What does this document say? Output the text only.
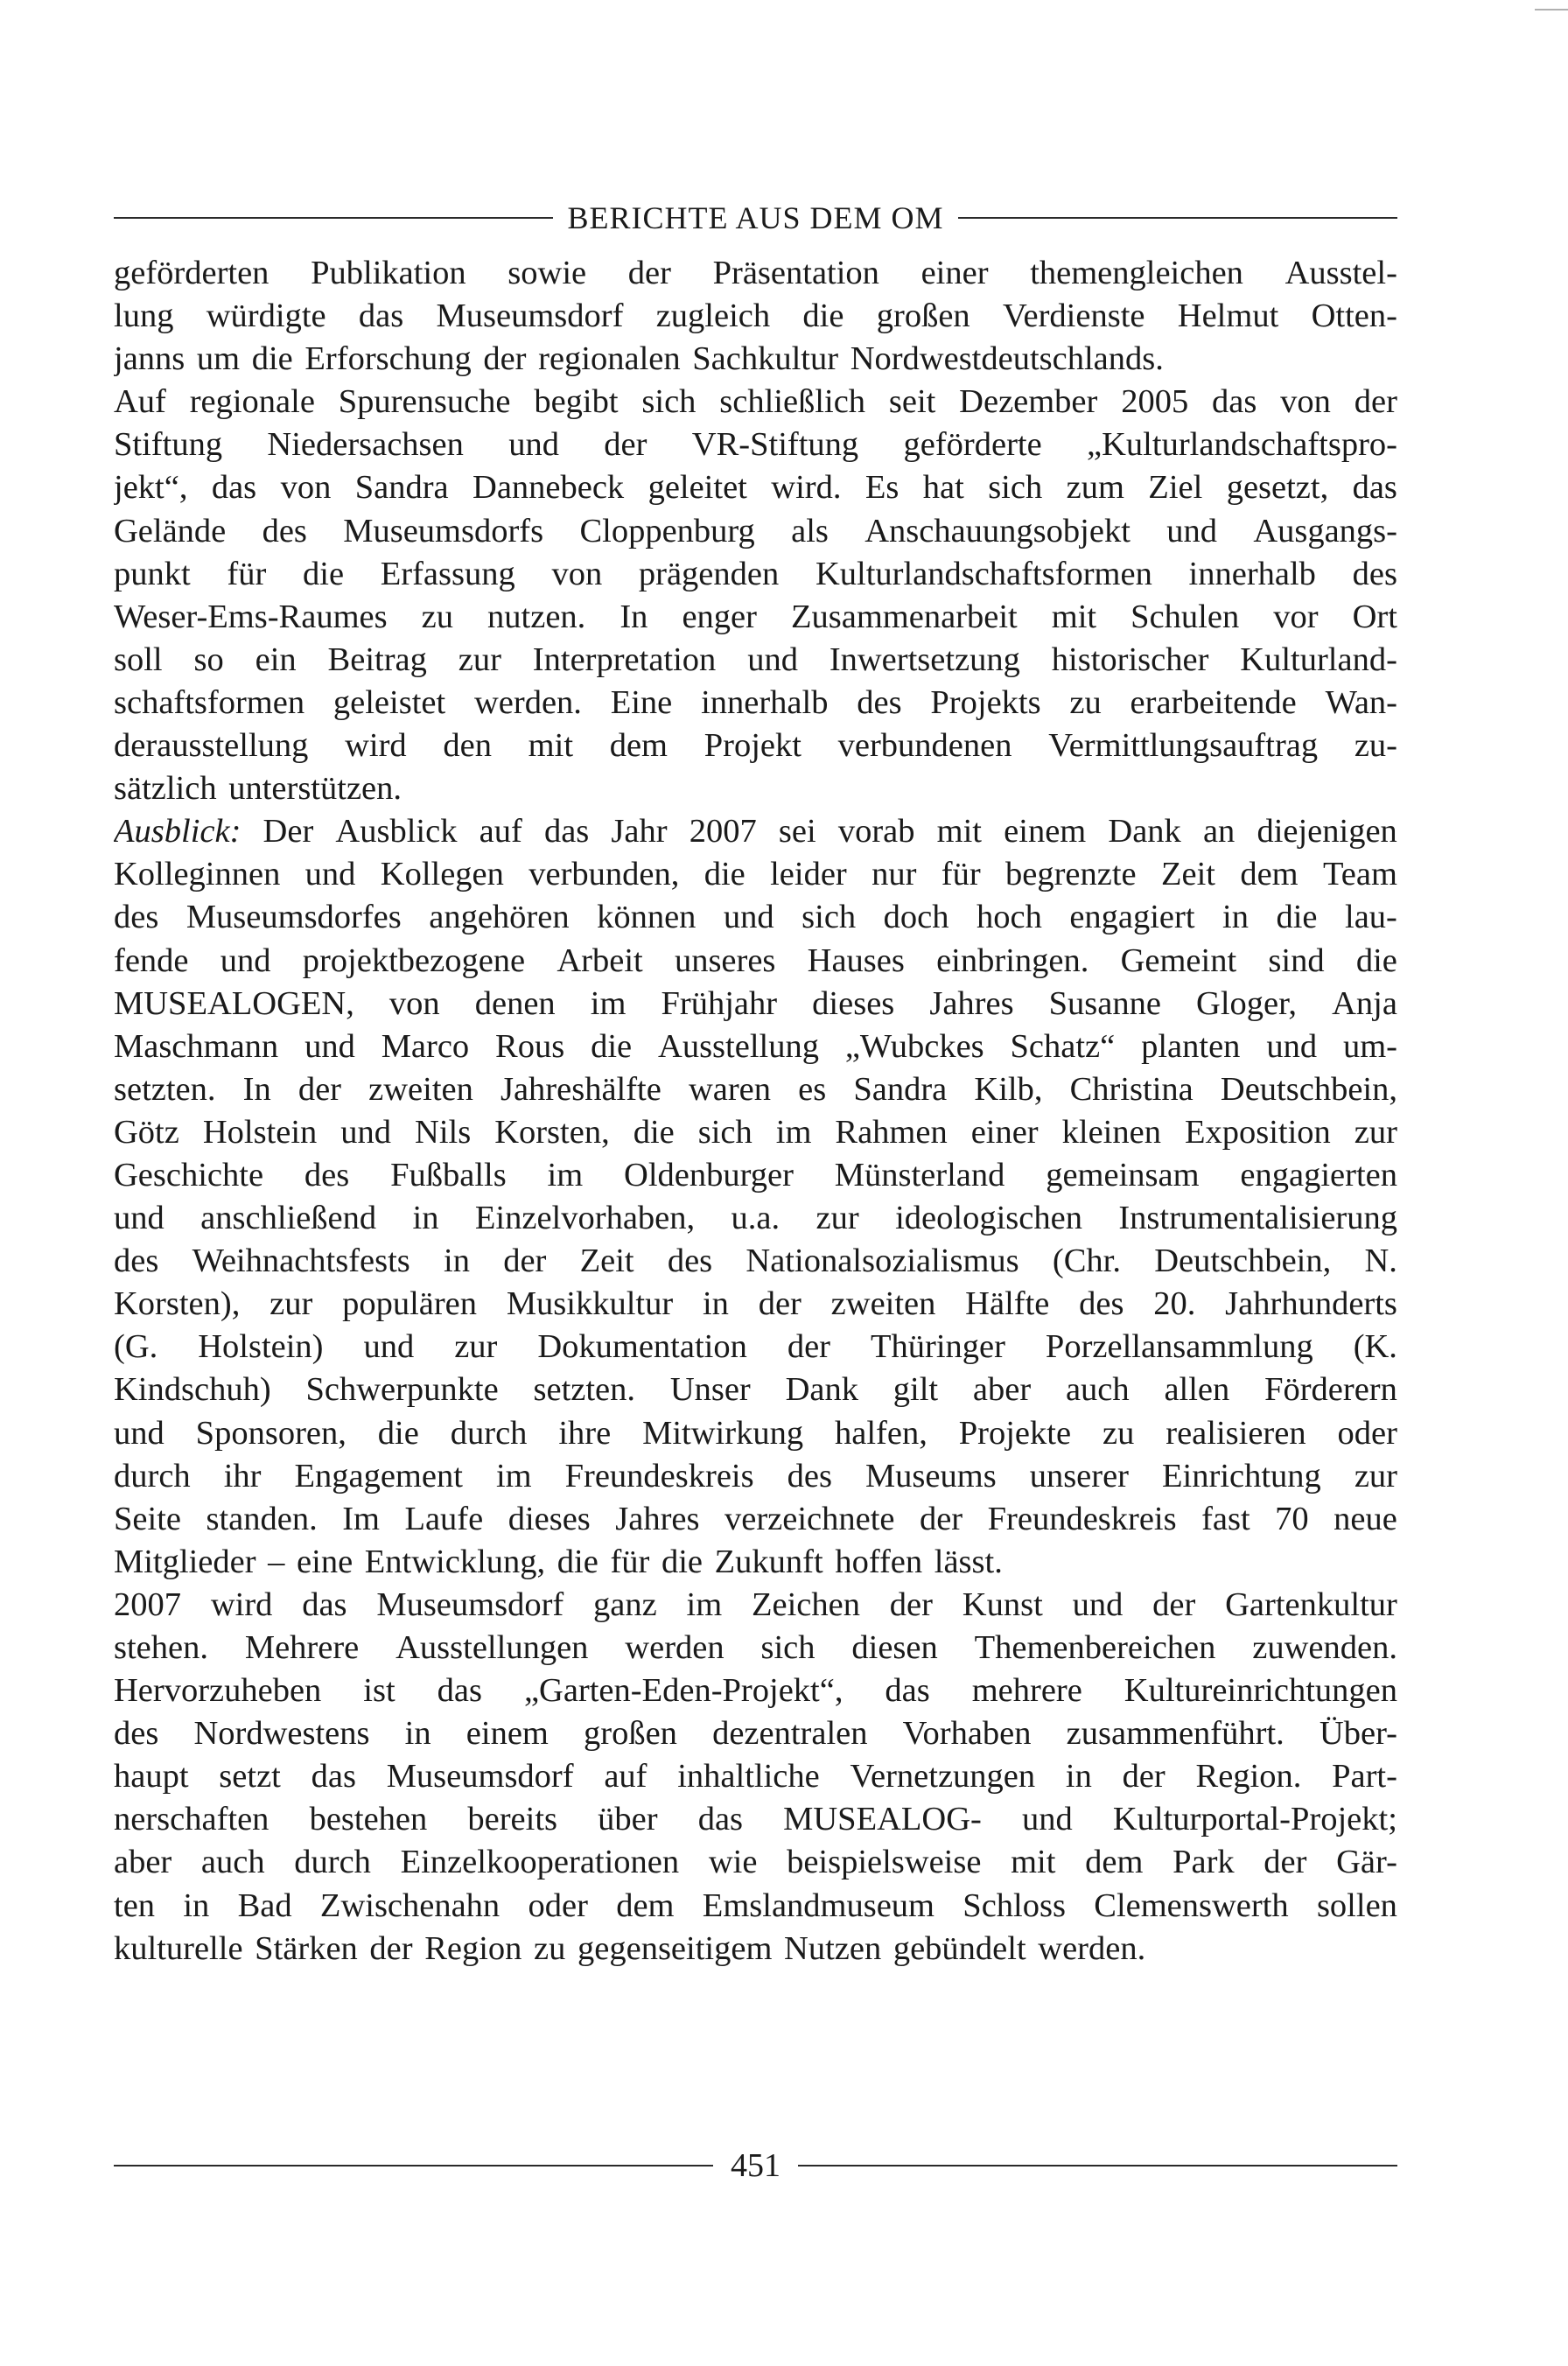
BERICHTE AUS DEM OM
geförderten Publikation sowie der Präsentation einer themengleichen Ausstel-
lung würdigte das Museumsdorf zugleich die großen Verdienste Helmut Otten-
janns um die Erforschung der regionalen Sachkultur Nordwestdeutschlands.
Auf regionale Spurensuche begibt sich schließlich seit Dezember 2005 das von der
Stiftung Niedersachsen und der VR-Stiftung geförderte „Kulturlandschaftspro-
jekt“, das von Sandra Dannebeck geleitet wird. Es hat sich zum Ziel gesetzt, das
Gelände des Museumsdorfs Cloppenburg als Anschauungsobjekt und Ausgangs-
punkt für die Erfassung von prägenden Kulturlandschaftsformen innerhalb des
Weser-Ems-Raumes zu nutzen. In enger Zusammenarbeit mit Schulen vor Ort
soll so ein Beitrag zur Interpretation und Inwertsetzung historischer Kulturland-
schaftsformen geleistet werden. Eine innerhalb des Projekts zu erarbeitende Wan-
derausstellung wird den mit dem Projekt verbundenen Vermittlungsauftrag zu-
sätzlich unterstützen.
Ausblick: Der Ausblick auf das Jahr 2007 sei vorab mit einem Dank an diejenigen
Kolleginnen und Kollegen verbunden, die leider nur für begrenzte Zeit dem Team
des Museumsdorfes angehören können und sich doch hoch engagiert in die lau-
fende und projektbezogene Arbeit unseres Hauses einbringen. Gemeint sind die
MUSEALOGEN, von denen im Frühjahr dieses Jahres Susanne Gloger, Anja
Maschmann und Marco Rous die Ausstellung „Wubckes Schatz“ planten und um-
setzten. In der zweiten Jahreshälfte waren es Sandra Kilb, Christina Deutschbein,
Götz Holstein und Nils Korsten, die sich im Rahmen einer kleinen Exposition zur
Geschichte des Fußballs im Oldenburger Münsterland gemeinsam engagierten
und anschließend in Einzelvorhaben, u.a. zur ideologischen Instrumentalisierung
des Weihnachtsfests in der Zeit des Nationalsozialismus (Chr. Deutschbein, N.
Korsten), zur populären Musikkultur in der zweiten Hälfte des 20. Jahrhunderts
(G. Holstein) und zur Dokumentation der Thüringer Porzellansammlung (K.
Kindschuh) Schwerpunkte setzten. Unser Dank gilt aber auch allen Förderern
und Sponsoren, die durch ihre Mitwirkung halfen, Projekte zu realisieren oder
durch ihr Engagement im Freundeskreis des Museums unserer Einrichtung zur
Seite standen. Im Laufe dieses Jahres verzeichnete der Freundeskreis fast 70 neue
Mitglieder – eine Entwicklung, die für die Zukunft hoffen lässt.
2007 wird das Museumsdorf ganz im Zeichen der Kunst und der Gartenkultur
stehen. Mehrere Ausstellungen werden sich diesen Themenbereichen zuwenden.
Hervorzuheben ist das „Garten-Eden-Projekt“, das mehrere Kultureinrichtungen
des Nordwestens in einem großen dezentralen Vorhaben zusammenführt. Über-
haupt setzt das Museumsdorf auf inhaltliche Vernetzungen in der Region. Part-
nerschaften bestehen bereits über das MUSEALOG- und Kulturportal-Projekt;
aber auch durch Einzelkooperationen wie beispielsweise mit dem Park der Gär-
ten in Bad Zwischenahn oder dem Emslandmuseum Schloss Clemenswerth sollen
kulturelle Stärken der Region zu gegenseitigem Nutzen gebündelt werden.
451
